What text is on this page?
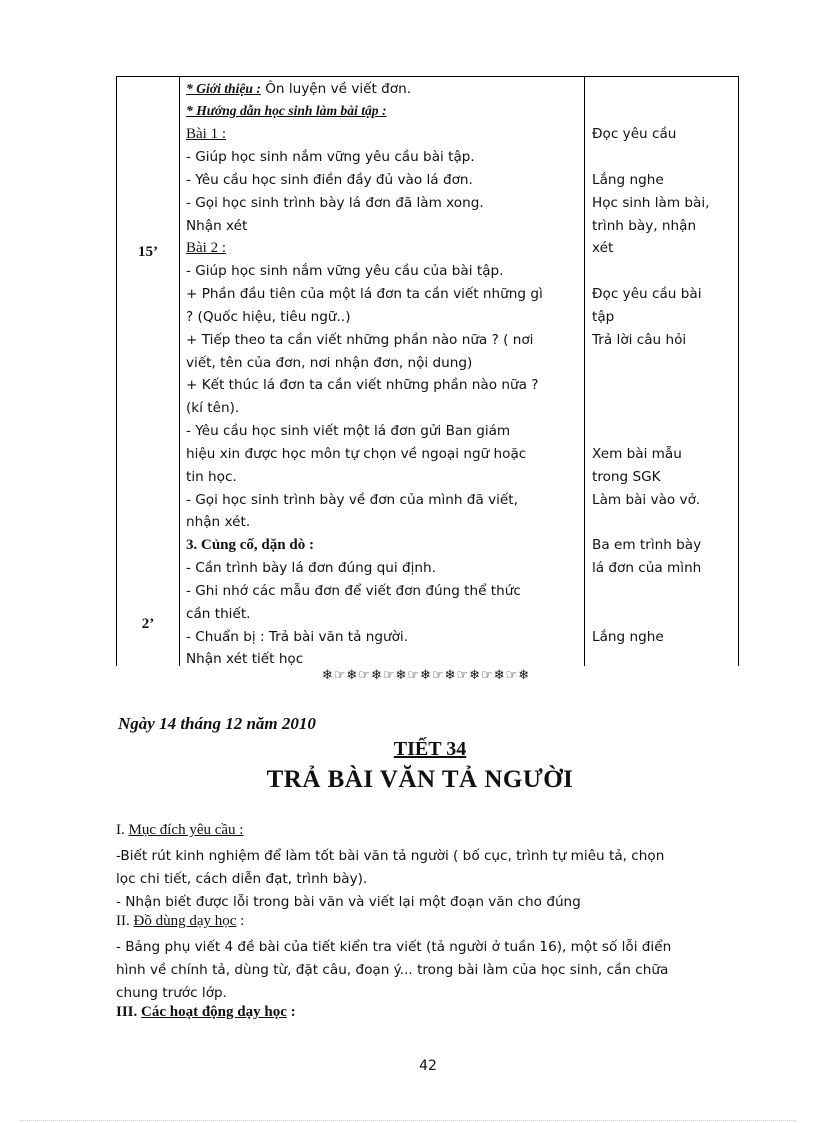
15’
2’
* Giới thiệu : Ôn luyện về viết đơn.
* Hướng dẫn học sinh làm bài tập :
Bài 1 :
- Giúp học sinh nắm vững yêu cầu bài tập.
- Yêu cầu học sinh điền đầy đủ vào lá đơn.
- Gọi học sinh trình bày lá đơn đã làm xong.
Nhận xét
Bài 2 :
- Giúp học sinh nắm vững yêu cầu của bài tập.
+ Phần đầu tiên của một lá đơn ta cần viết những gì
? (Quốc hiệu, tiêu ngữ..)
+ Tiếp theo ta cần viết những phần nào nữa ? ( nơi
viết, tên của đơn, nơi nhận đơn, nội dung)
+ Kết thúc lá đơn ta cần viết những phần nào nữa ?
(kí tên).
- Yêu cầu học sinh viết một lá đơn gửi Ban giám
hiệu xin được học môn tự chọn về ngoại ngữ hoặc
tin học.
- Gọi học sinh trình bày về đơn của mình đã viết,
nhận xét.
3. Củng cố, dặn dò :
- Cần trình bày lá đơn đúng qui định.
- Ghi nhớ các mẫu đơn để viết đơn đúng thể thức
cần thiết.
- Chuẩn bị : Trả bài văn tả người.
Nhận xét tiết học
Đọc yêu cầu
Lắng nghe
Học sinh làm bài,
trình bày, nhận
xét
Đọc yêu cầu bài
tập
Trả lời câu hỏi
Xem bài mẫu
trong SGK
Làm bài vào vở.
Ba em trình bày
lá đơn của mình
Lắng nghe
❄☞❄☞❄☞❄☞❄☞❄☞❄☞❄☞❄
Ngày 14 tháng 12 năm 2010
TIẾT 34
TRẢ BÀI VĂN TẢ NGƯỜI
I. Mục đích yêu cầu :
-Biết rút kinh nghiệm để làm tốt bài văn tả người ( bố cục, trình tự miêu tả, chọn
lọc chi tiết, cách diễn đạt, trình bày).
- Nhận biết được lỗi trong bài văn và viết lại một đoạn văn cho đúng
II. Đồ dùng dạy học :
- Bảng phụ viết 4 đề bài của tiết kiển tra viết (tả người ở tuần 16), một số lỗi điển
hình về chính tả, dùng từ, đặt câu, đoạn ý... trong bài làm của học sinh, cần chữa
chung trước lớp.
III. Các hoạt động dạy học :
42
